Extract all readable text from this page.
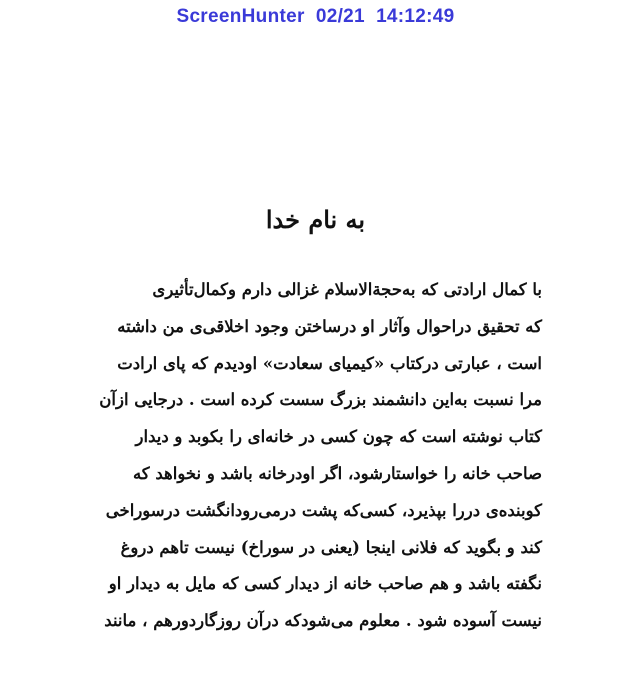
ScreenHunter 02/21 14:12:49
به نام خدا
با کمال ارادتی که به‌حجة‌الاسلام غزالی دارم وکمال‌تأثیری
که تحقیق دراحوال وآثار او درساختن وجود اخلاقی‌ی من داشته
است ، عبارتی درکتاب «کیمیای سعادت» اودیدم که پای ارادت
مرا نسبت به‌این دانشمند بزرگ سست کرده است . درجایی ازآن
کتاب نوشته است که چون کسی در خانه‌ای را بکوبد و دیدار
صاحب خانه را خواستارشود، اگر اودرخانه باشد و نخواهد که
کوبنده‌ی دررا بپذیرد، کسی‌که پشت درمی‌رودانگشت درسوراخی
کند و بگوید که فلانی اینجا (یعنی در سوراخ) نیست تاهم دروغ
نگفته باشد و هم صاحب خانه از دیدار کسی که مایل به دیدار او
نیست آسوده شود . معلوم می‌شودکه درآن روزگاردورهم ، مانند
